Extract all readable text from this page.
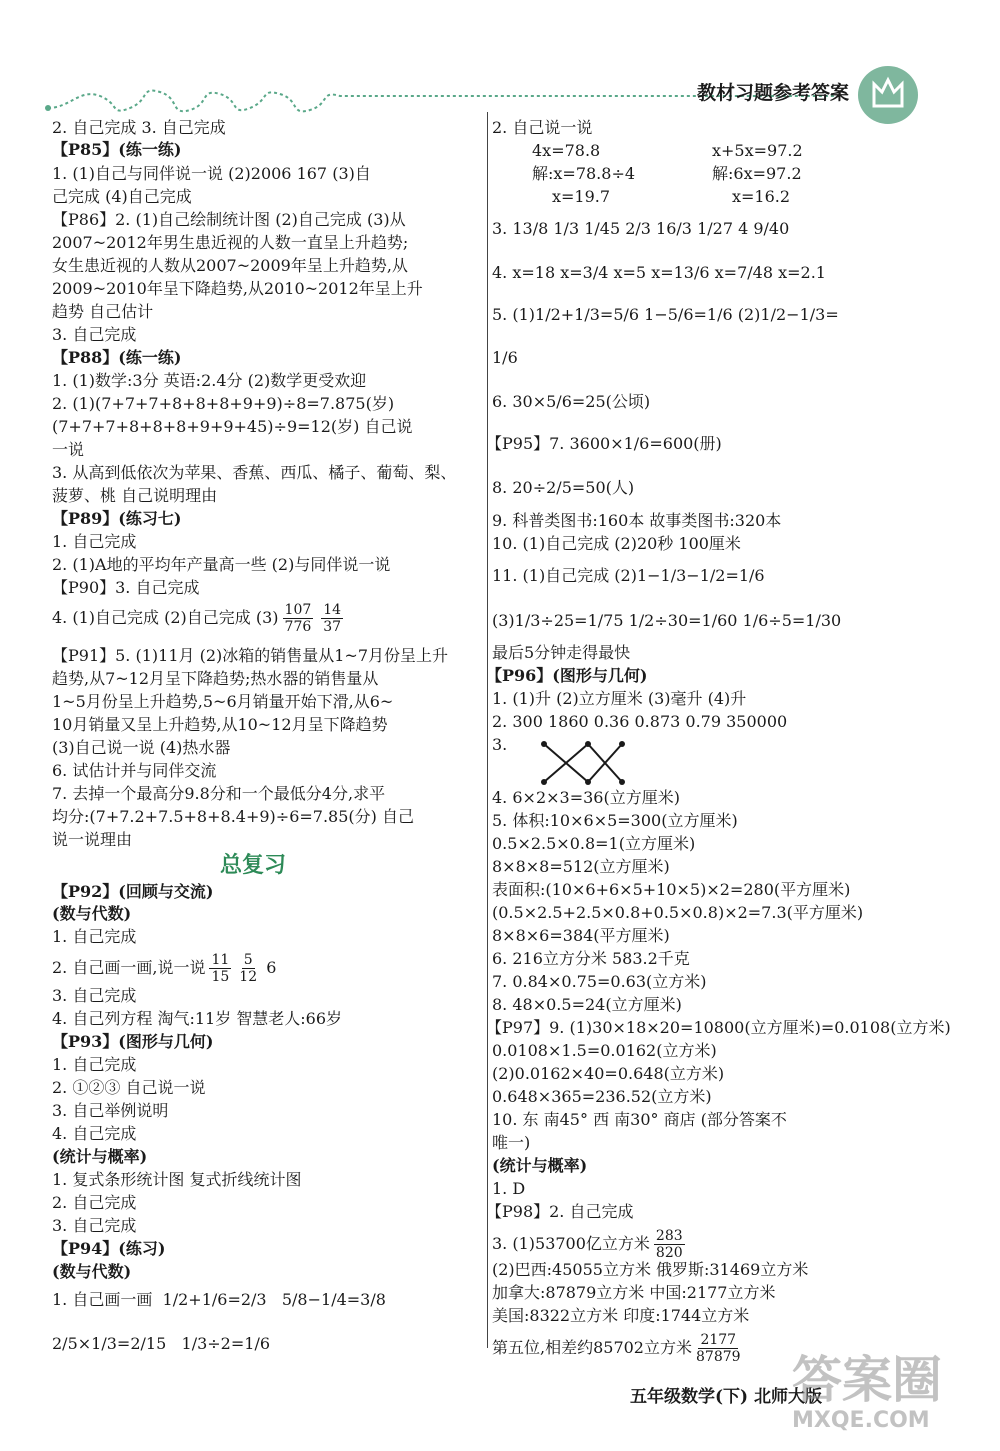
教材习题参考答案
2. 自己完成 3. 自己完成
【P85】(练一练)
1. (1)自己与同伴说一说 (2)2006 167 (3)自
己完成 (4)自己完成
【P86】2. (1)自己绘制统计图 (2)自己完成 (3)从
2007~2012年男生患近视的人数一直呈上升趋势;
女生患近视的人数从2007~2009年呈上升趋势,从
2009~2010年呈下降趋势,从2010~2012年呈上升
趋势 自己估计
3. 自己完成
【P88】(练一练)
1. (1)数学:3分 英语:2.4分 (2)数学更受欢迎
2. (1)(7+7+7+8+8+8+9+9)÷8=7.875(岁)
(7+7+7+8+8+8+9+9+45)÷9=12(岁) 自己说
一说
3. 从高到低依次为苹果、香蕉、西瓜、橘子、葡萄、梨、
菠萝、桃 自己说明理由
【P89】(练习七)
1. 自己完成
2. (1)A地的平均年产量高一些 (2)与同伴说一说
【P90】3. 自己完成
4. (1)自己完成 (2)自己完成 $(3) \frac{107}{776} \frac{14}{37}$
【P91】5. (1)11月 (2)冰箱的销售量从1~7月份呈上升
趋势,从7~12月呈下降趋势;热水器的销售量从
1~5月份呈上升趋势,5~6月销量开始下滑,从6~
10月销量又呈上升趋势,从10~12月呈下降趋势
(3)自己说一说 (4)热水器
6. 试估计并与同伴交流
7. 去掉一个最高分9.8分和一个最低分4分,求平
均分:(7+7.2+7.5+8+8.4+9)÷6=7.85(分) 自己
说一说理由
总复习
【P92】(回顾与交流)
(数与代数)
1. 自己完成
2. 自己画一画,说一说 $\frac{11}{15} \frac{5}{12} 6$
3. 自己完成
4. 自己列方程 淘气:11岁 智慧老人:66岁
【P93】(图形与几何)
1. 自己完成
2. ①②③ 自己说一说
3. 自己举例说明
4. 自己完成
(统计与概率)
1. 复式条形统计图 复式折线统计图
2. 自己完成
3. 自己完成
【P94】(练习)
(数与代数)
1. 自己画一画 1/2+1/6=2/3 5/8−1/4=3/8
2/5×1/3=2/15 1/3÷2=1/6
2. 自己说一说
4x=78.8	x+5x=97.2
解:x=78.8÷4	解:6x=97.2
x=19.7	x=16.2
3. 13/8 1/3 1/45 2/3 16/3 1/27 4 9/40
4. x=18 x=3/4 x=5 x=13/6 x=7/48 x=2.1
5. (1)1/2+1/3=5/6 1−5/6=1/6 (2)1/2−1/3=
1/6
6. 30×5/6=25(公顷)
【P95】7. 3600×1/6=600(册)
8. 20÷2/5=50(人)
9. 科普类图书:160本 故事类图书:320本
10. (1)自己完成 (2)20秒 100厘米
11. (1)自己完成 (2)1−1/3−1/2=1/6
(3)1/3÷25=1/75 1/2÷30=1/60 1/6÷5=1/30
最后5分钟走得最快
【P96】(图形与几何)
1. (1)升 (2)立方厘米 (3)毫升 (4)升
2. 300 1860 0.36 0.873 0.79 350000
3.
4. 6×2×3=36(立方厘米)
5. 体积:10×6×5=300(立方厘米)
0.5×2.5×0.8=1(立方厘米)
8×8×8=512(立方厘米)
表面积:(10×6+6×5+10×5)×2=280(平方厘米)
(0.5×2.5+2.5×0.8+0.5×0.8)×2=7.3(平方厘米)
8×8×6=384(平方厘米)
6. 216立方分米 583.2千克
7. 0.84×0.75=0.63(立方米)
8. 48×0.5=24(立方厘米)
【P97】9. (1)30×18×20=10800(立方厘米)=0.0108(立方米)
0.0108×1.5=0.0162(立方米)
(2)0.0162×40=0.648(立方米)
0.648×365=236.52(立方米)
10. 东 南45° 西 南30° 商店 (部分答案不
唯一)
(统计与概率)
1. D
【P98】2. 自己完成
3. (1)53700亿立方米 $\frac{283}{820}$
(2)巴西:45055立方米 俄罗斯:31469立方米
加拿大:87879立方米 中国:2177立方米
美国:8322立方米 印度:1744立方米
第五位,相差约85702立方米 $\frac{2177}{87879}$
五年级数学(下) 北师大版
答案圈
MXQE.COM
